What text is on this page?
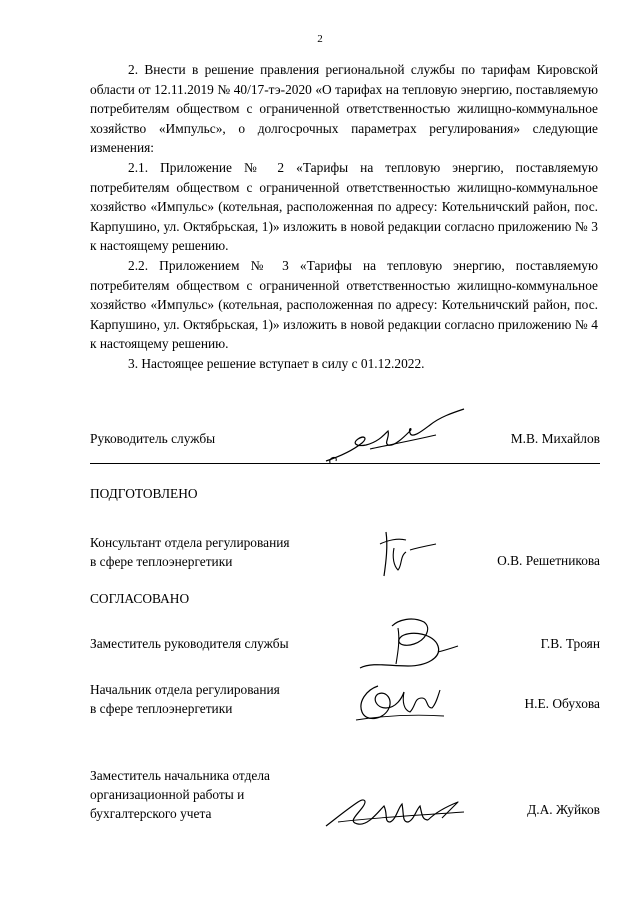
2

2. Внести в решение правления региональной службы по тарифам Кировской области от 12.11.2019 № 40/17-тэ-2020 «О тарифах на тепловую энергию, поставляемую потребителям обществом с ограниченной ответственностью жилищно-коммунальное хозяйство «Импульс», о долгосрочных параметрах регулирования» следующие изменения:

2.1. Приложение № 2 «Тарифы на тепловую энергию, поставляемую потребителям обществом с ограниченной ответственностью жилищно-коммунальное хозяйство «Импульс» (котельная, расположенная по адресу: Котельничский район, пос. Карпушино, ул. Октябрьская, 1)» изложить в новой редакции согласно приложению № 3 к настоящему решению.

2.2. Приложением № 3 «Тарифы на тепловую энергию, поставляемую потребителям обществом с ограниченной ответственностью жилищно-коммунальное хозяйство «Импульс» (котельная, расположенная по адресу: Котельничский район, пос. Карпушино, ул. Октябрьская, 1)» изложить в новой редакции согласно приложению № 4 к настоящему решению.

3. Настоящее решение вступает в силу с 01.12.2022.

Руководитель службы	М.В. Михайлов
ПОДГОТОВЛЕНО
Консультант отдела регулирования
в сфере теплоэнергетики	О.В. Решетникова
СОГЛАСОВАНО
Заместитель руководителя службы	Г.В. Троян
Начальник отдела регулирования
в сфере теплоэнергетики	Н.Е. Обухова
Заместитель начальника отдела
организационной работы и
бухгалтерского учета	Д.А. Жуйков
